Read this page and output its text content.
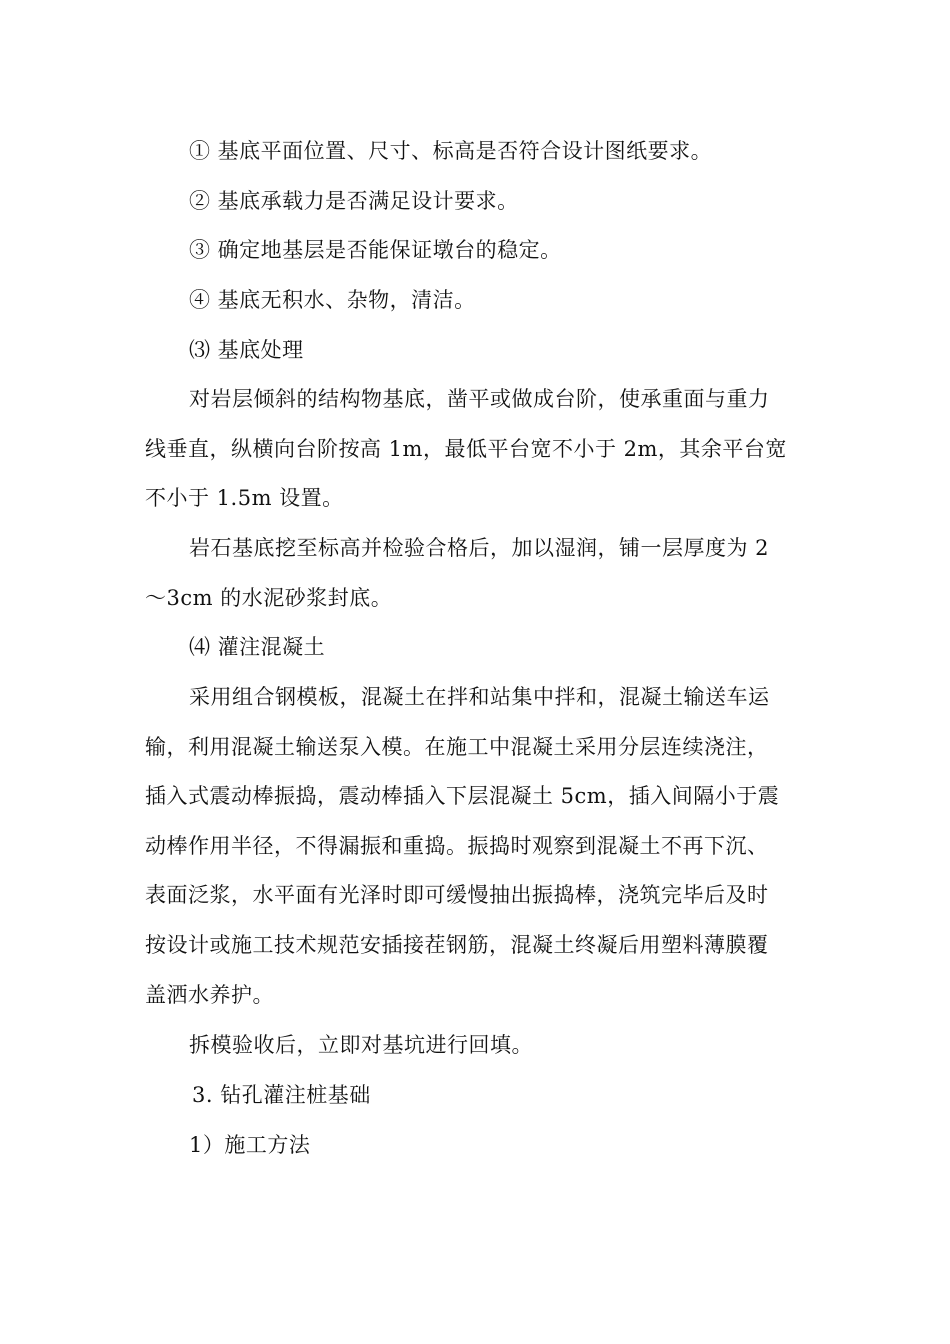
① 基底平面位置、尺寸、标高是否符合设计图纸要求。
② 基底承载力是否满足设计要求。
③ 确定地基层是否能保证墩台的稳定。
④ 基底无积水、杂物，清洁。
⑶ 基底处理
对岩层倾斜的结构物基底，凿平或做成台阶，使承重面与重力
线垂直，纵横向台阶按高 1m，最低平台宽不小于 2m，其余平台宽
不小于 1.5m 设置。
岩石基底挖至标高并检验合格后，加以湿润，铺一层厚度为 2
～3cm 的水泥砂浆封底。
⑷ 灌注混凝土
采用组合钢模板，混凝土在拌和站集中拌和，混凝土输送车运
输，利用混凝土输送泵入模。在施工中混凝土采用分层连续浇注，
插入式震动棒振捣，震动棒插入下层混凝土 5cm，插入间隔小于震
动棒作用半径，不得漏振和重捣。振捣时观察到混凝土不再下沉、
表面泛浆，水平面有光泽时即可缓慢抽出振捣棒，浇筑完毕后及时
按设计或施工技术规范安插接茬钢筋，混凝土终凝后用塑料薄膜覆
盖洒水养护。
拆模验收后，立即对基坑进行回填。
3. 钻孔灌注桩基础
1）施工方法
